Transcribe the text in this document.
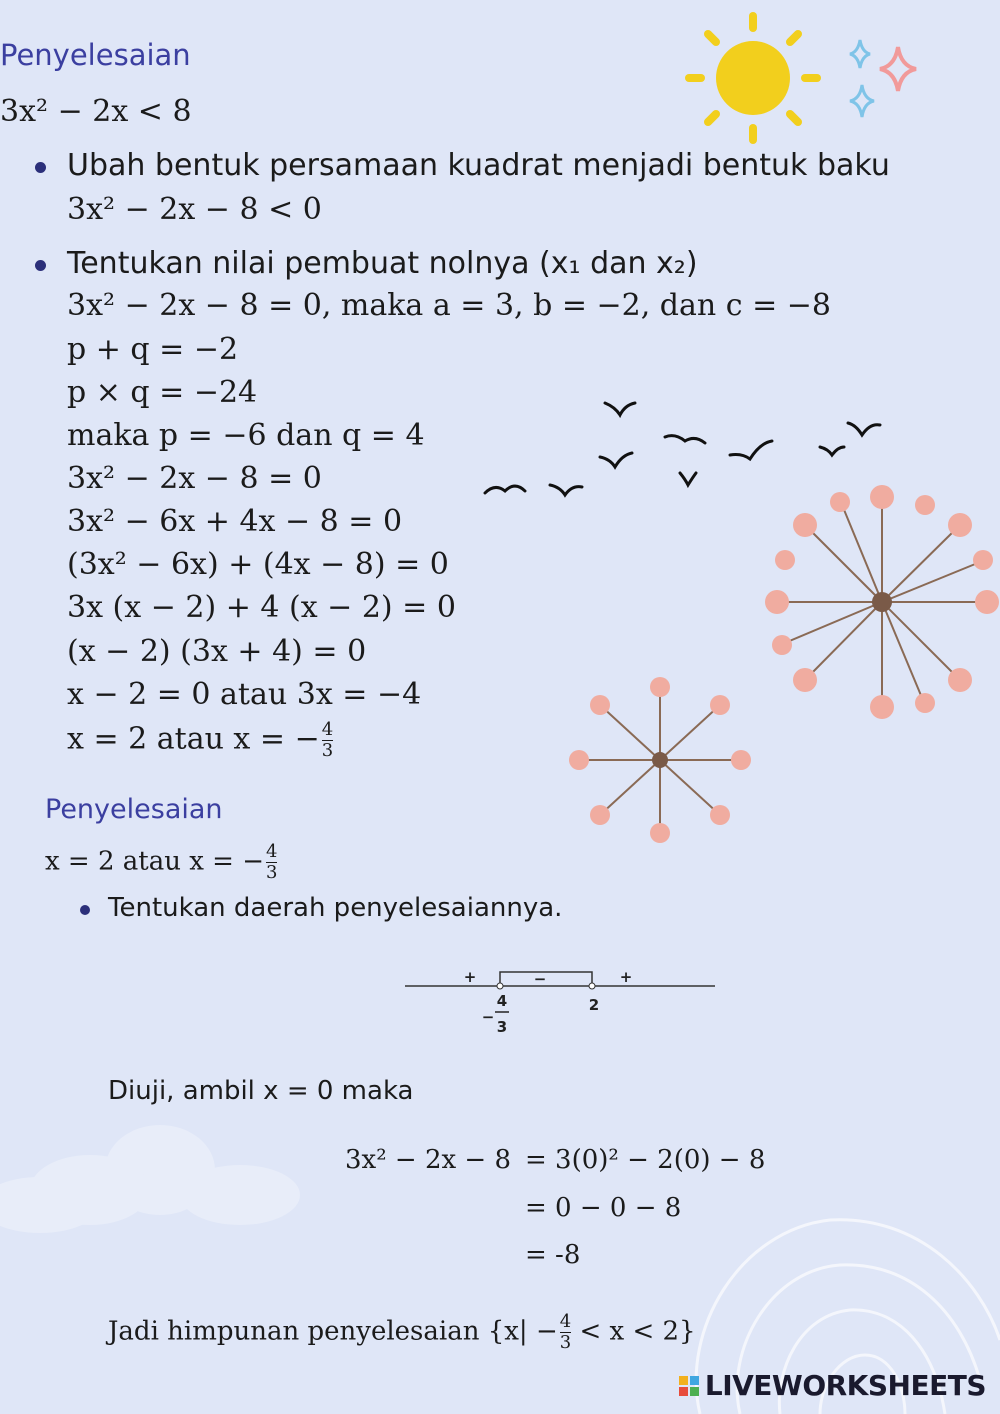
Penyelesaian
3x² − 2x < 8
Ubah bentuk persamaan kuadrat menjadi bentuk baku
3x² − 2x − 8 < 0
Tentukan nilai pembuat nolnya (x₁ dan x₂)
3x² − 2x − 8 = 0, maka a = 3, b = −2, dan c = −8
p + q = −2
p × q = −24
maka p = −6 dan q = 4
3x² − 2x − 8 = 0
3x² − 6x + 4x − 8 = 0
(3x² − 6x) + (4x − 8) = 0
3x (x − 2) + 4 (x − 2) = 0
(x − 2) (3x + 4) = 0
x − 2 = 0 atau 3x = −4
x = 2 atau x = − $\frac{4}{3}$
Penyelesaian
x = 2 atau x = − $\frac{4}{3}$
Tentukan daerah penyelesaiannya.
+	−	+
−
4
3
2
Diuji, ambil x = 0 maka
3x² − 2x − 8 = 3(0)² − 2(0) − 8
= 0 − 0 − 8
= -8
Jadi himpunan penyelesaian $\{x| - \frac{4}{3} < x < 2\}$
LIVEWORKSHEETS
